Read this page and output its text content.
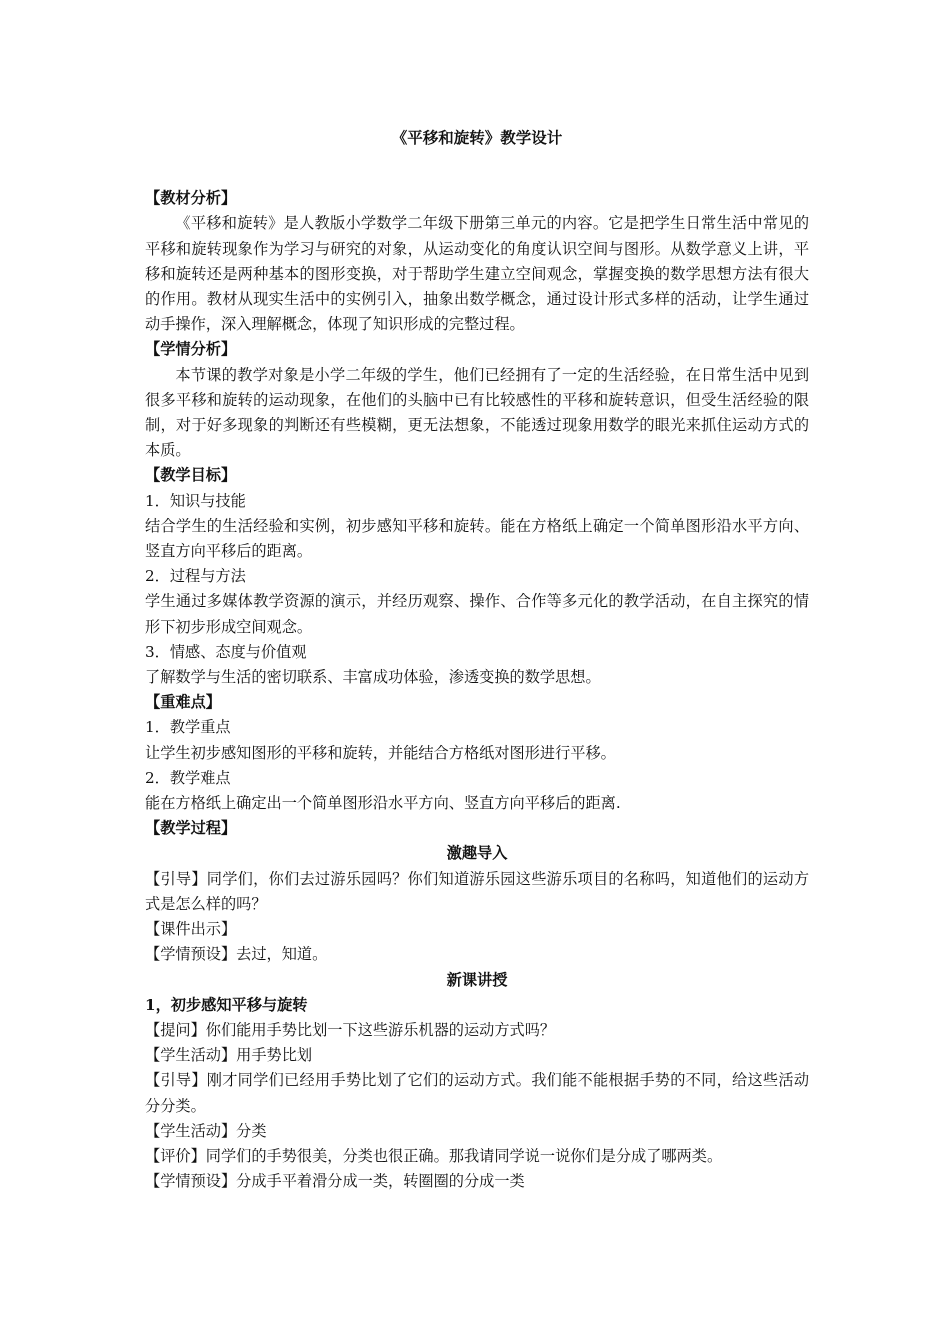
《平移和旋转》教学设计

【教材分析】

《平移和旋转》是人教版小学数学二年级下册第三单元的内容。它是把学生日常生活中常见的平移和旋转现象作为学习与研究的对象，从运动变化的角度认识空间与图形。从数学意义上讲，平移和旋转还是两种基本的图形变换，对于帮助学生建立空间观念，掌握变换的数学思想方法有很大的作用。教材从现实生活中的实例引入，抽象出数学概念，通过设计形式多样的活动，让学生通过动手操作，深入理解概念，体现了知识形成的完整过程。

【学情分析】

本节课的教学对象是小学二年级的学生，他们已经拥有了一定的生活经验，在日常生活中见到很多平移和旋转的运动现象，在他们的头脑中已有比较感性的平移和旋转意识，但受生活经验的限制，对于好多现象的判断还有些模糊，更无法想象，不能透过现象用数学的眼光来抓住运动方式的本质。

【教学目标】

1．知识与技能

结合学生的生活经验和实例，初步感知平移和旋转。能在方格纸上确定一个简单图形沿水平方向、竖直方向平移后的距离。

2．过程与方法

学生通过多媒体教学资源的演示，并经历观察、操作、合作等多元化的教学活动，在自主探究的情形下初步形成空间观念。

3．情感、态度与价值观

了解数学与生活的密切联系、丰富成功体验，渗透变换的数学思想。

【重难点】

1．教学重点

让学生初步感知图形的平移和旋转，并能结合方格纸对图形进行平移。

2．教学难点

能在方格纸上确定出一个简单图形沿水平方向、竖直方向平移后的距离.

【教学过程】

激趣导入

【引导】同学们，你们去过游乐园吗？你们知道游乐园这些游乐项目的名称吗，知道他们的运动方式是怎么样的吗？

【课件出示】

【学情预设】去过，知道。

新课讲授

1，初步感知平移与旋转

【提问】你们能用手势比划一下这些游乐机器的运动方式吗？

【学生活动】用手势比划

【引导】刚才同学们已经用手势比划了它们的运动方式。我们能不能根据手势的不同，给这些活动分分类。

【学生活动】分类

【评价】同学们的手势很美，分类也很正确。那我请同学说一说你们是分成了哪两类。

【学情预设】分成手平着滑分成一类，转圈圈的分成一类
